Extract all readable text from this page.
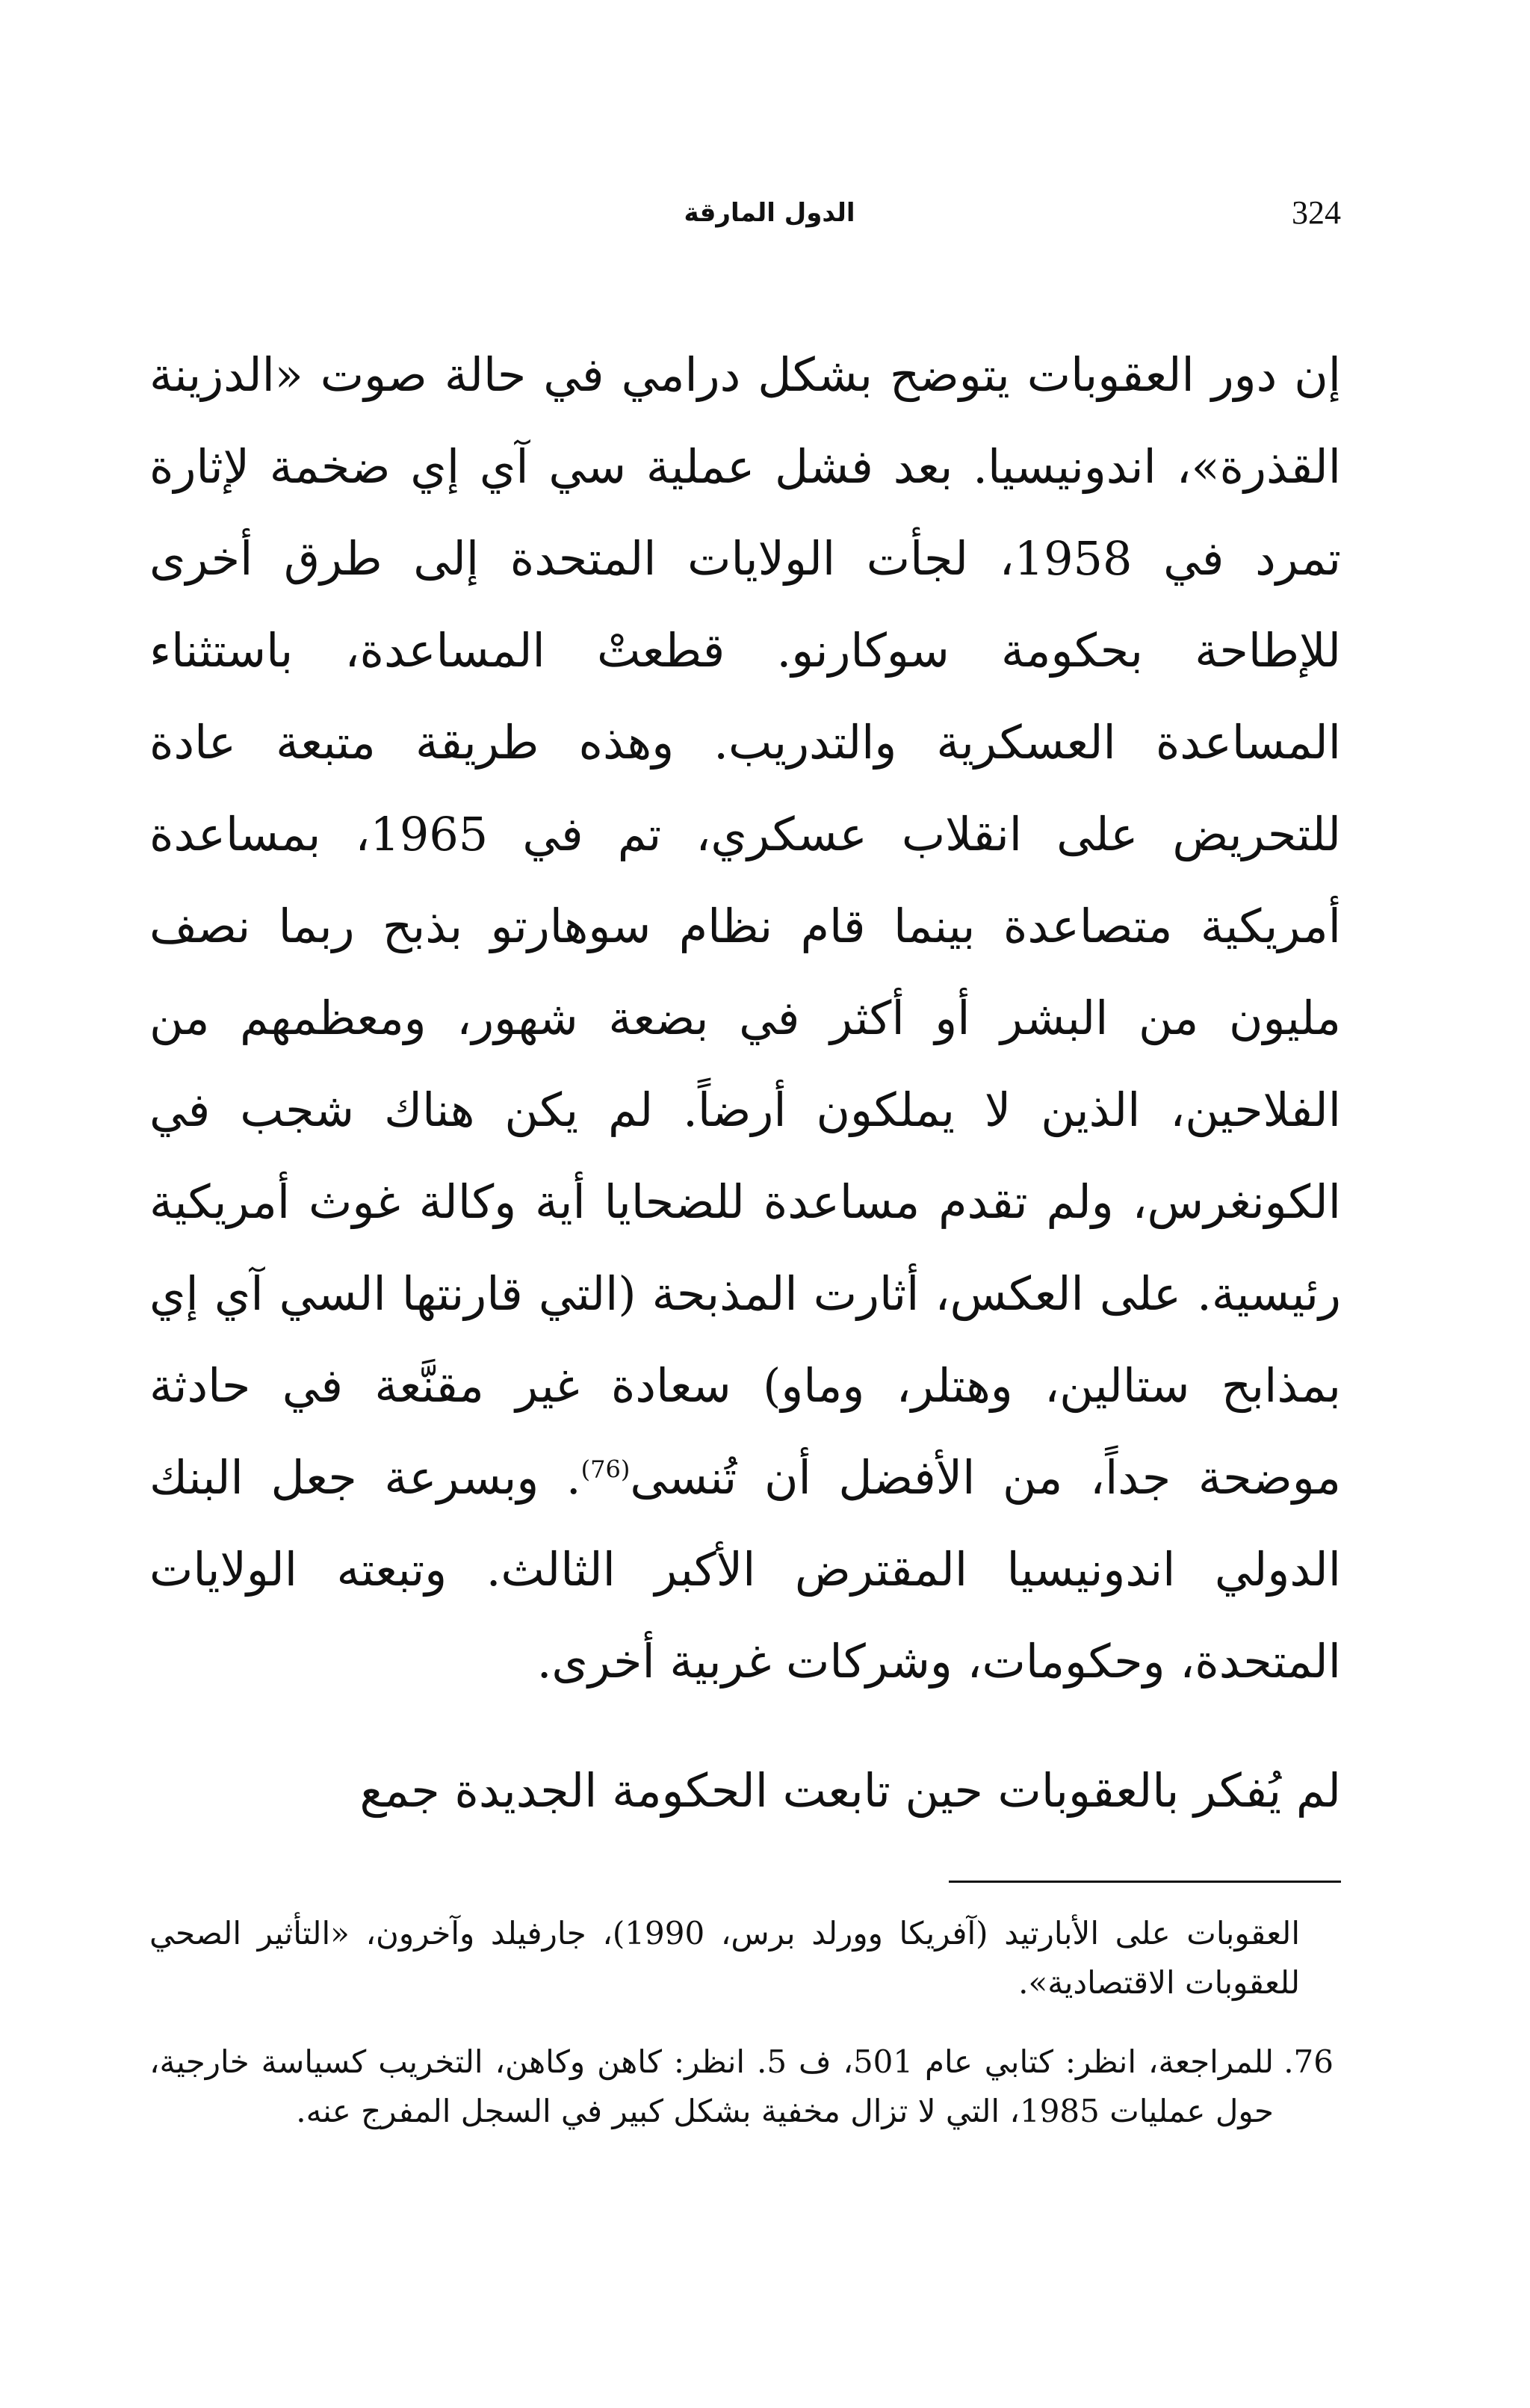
324
الدول المارقة

إن دور العقوبات يتوضح بشكل درامي في حالة صوت «الدزينة القذرة»، اندونيسيا. بعد فشل عملية سي آي إي ضخمة لإثارة تمرد في 1958، لجأت الولايات المتحدة إلى طرق أخرى للإطاحة بحكومة سوكارنو. قطعتْ المساعدة، باستثناء المساعدة العسكرية والتدريب. وهذه طريقة متبعة عادة للتحريض على انقلاب عسكري، تم في 1965، بمساعدة أمريكية متصاعدة بينما قام نظام سوهارتو بذبح ربما نصف مليون من البشر أو أكثر في بضعة شهور، ومعظمهم من الفلاحين، الذين لا يملكون أرضاً. لم يكن هناك شجب في الكونغرس، ولم تقدم مساعدة للضحايا أية وكالة غوث أمريكية رئيسية. على العكس، أثارت المذبحة (التي قارنتها السي آي إي بمذابح ستالين، وهتلر، وماو) سعادة غير مقنَّعة في حادثة موضحة جداً، من الأفضل أن تُنسى$^{(76)}$. وبسرعة جعل البنك الدولي اندونيسيا المقترض الأكبر الثالث. وتبعته الولايات المتحدة، وحكومات، وشركات غربية أخرى.

لم يُفكر بالعقوبات حين تابعت الحكومة الجديدة جمع

العقوبات على الأبارتيد (آفريكا وورلد برس، 1990)، جارفيلد وآخرون، «التأثير الصحي للعقوبات الاقتصادية».

76.
للمراجعة، انظر: كتابي عام 501، ف 5. انظر: كاهن وكاهن، التخريب كسياسة خارجية، حول عمليات 1985، التي لا تزال مخفية بشكل كبير في السجل المفرج عنه.
